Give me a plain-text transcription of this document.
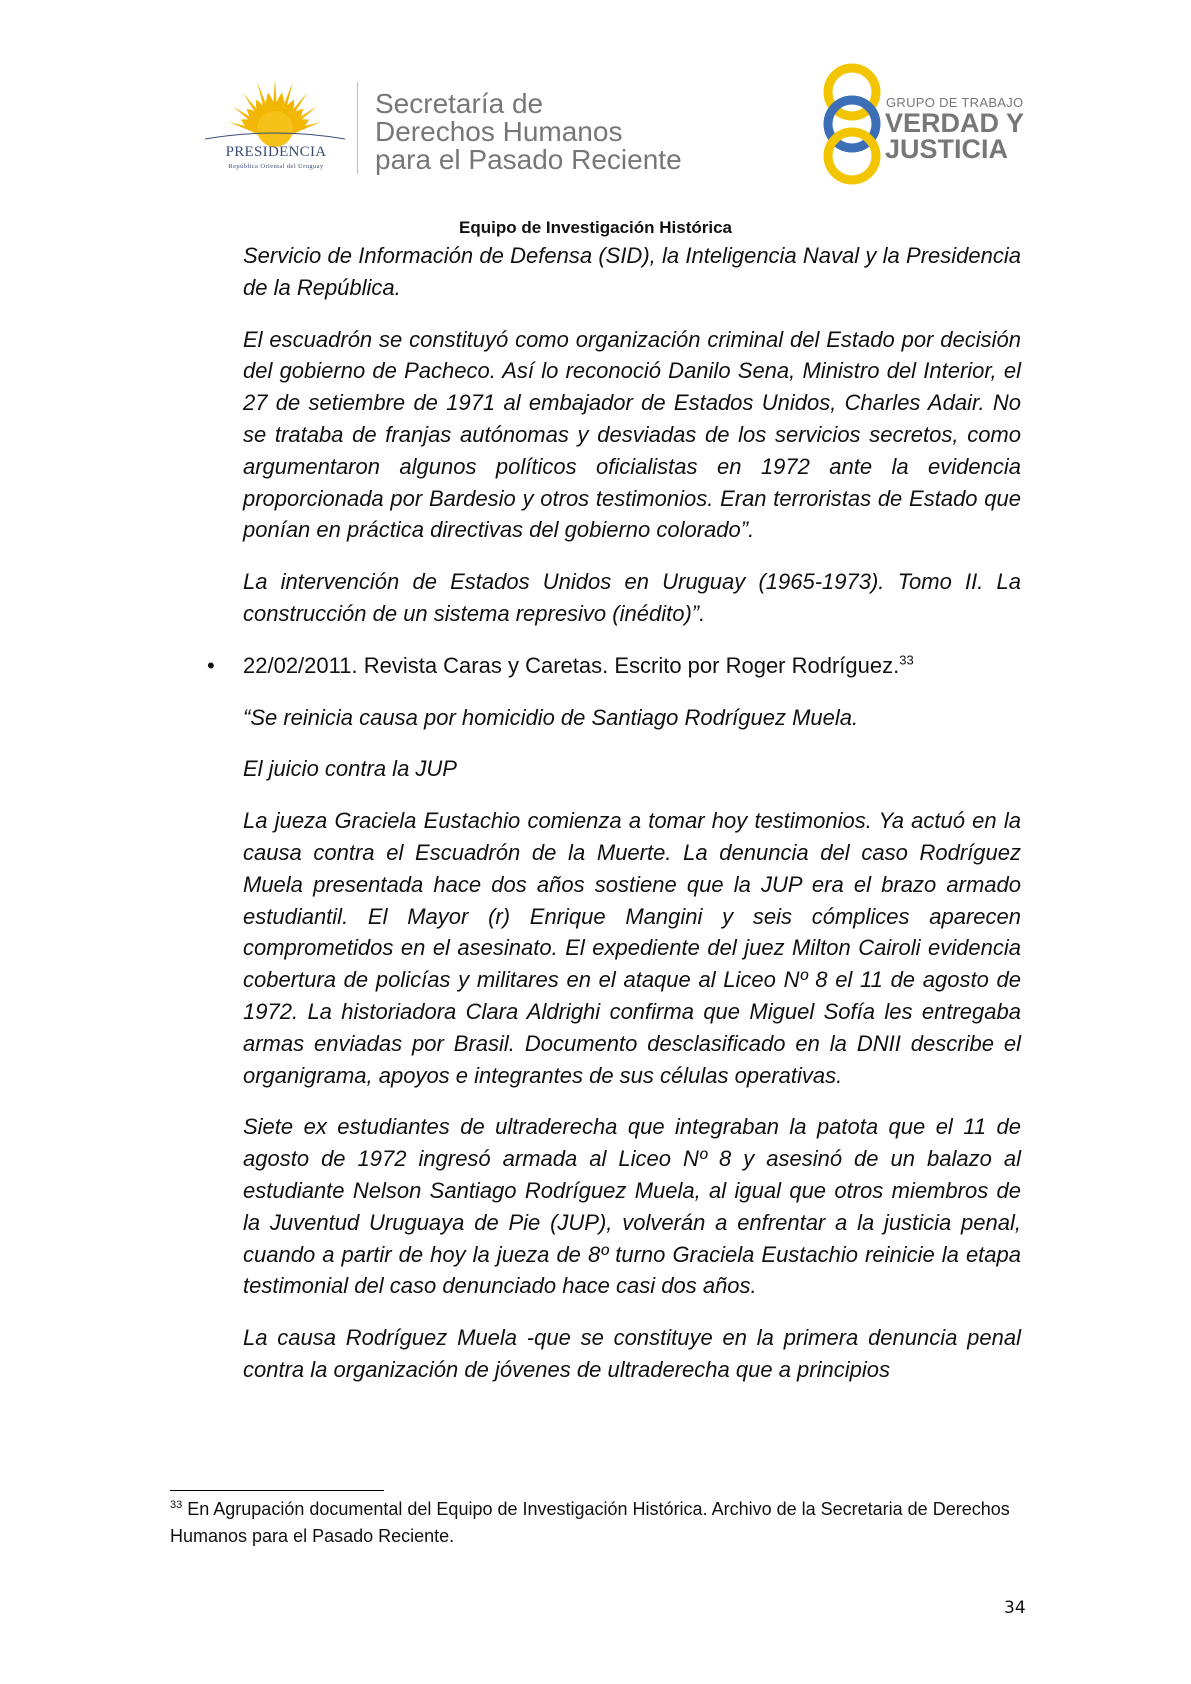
PRESIDENCIA
República Oriental del Uruguay
Secretaría de
Derechos Humanos
para el Pasado Reciente
GRUPO DE TRABAJO
VERDAD Y
JUSTICIA
Equipo de Investigación Histórica

Servicio de Información de Defensa (SID), la Inteligencia Naval y la Presidencia de la República.

El escuadrón se constituyó como organización criminal del Estado por decisión del gobierno de Pacheco. Así lo reconoció Danilo Sena, Ministro del Interior, el 27 de setiembre de 1971 al embajador de Estados Unidos, Charles Adair. No se trataba de franjas autónomas y desviadas de los servicios secretos, como argumentaron algunos políticos oficialistas en 1972 ante la evidencia proporcionada por Bardesio y otros testimonios. Eran terroristas de Estado que ponían en práctica directivas del gobierno colorado”.

La intervención de Estados Unidos en Uruguay (1965-1973). Tomo II. La construcción de un sistema represivo (inédito)”.

• 22/02/2011. Revista Caras y Caretas. Escrito por Roger Rodríguez.$^{33}$

“Se reinicia causa por homicidio de Santiago Rodríguez Muela.

El juicio contra la JUP

La jueza Graciela Eustachio comienza a tomar hoy testimonios. Ya actuó en la causa contra el Escuadrón de la Muerte. La denuncia del caso Rodríguez Muela presentada hace dos años sostiene que la JUP era el brazo armado estudiantil. El Mayor (r) Enrique Mangini y seis cómplices aparecen comprometidos en el asesinato. El expediente del juez Milton Cairoli evidencia cobertura de policías y militares en el ataque al Liceo Nº 8 el 11 de agosto de 1972. La historiadora Clara Aldrighi confirma que Miguel Sofía les entregaba armas enviadas por Brasil. Documento desclasificado en la DNII describe el organigrama, apoyos e integrantes de sus células operativas.

Siete ex estudiantes de ultraderecha que integraban la patota que el 11 de agosto de 1972 ingresó armada al Liceo Nº 8 y asesinó de un balazo al estudiante Nelson Santiago Rodríguez Muela, al igual que otros miembros de la Juventud Uruguaya de Pie (JUP), volverán a enfrentar a la justicia penal, cuando a partir de hoy la jueza de 8º turno Graciela Eustachio reinicie la etapa testimonial del caso denunciado hace casi dos años.

La causa Rodríguez Muela -que se constituye en la primera denuncia penal contra la organización de jóvenes de ultraderecha que a principios

$^{33}$ En Agrupación documental del Equipo de Investigación Histórica. Archivo de la Secretaria de Derechos Humanos para el Pasado Reciente.
34
